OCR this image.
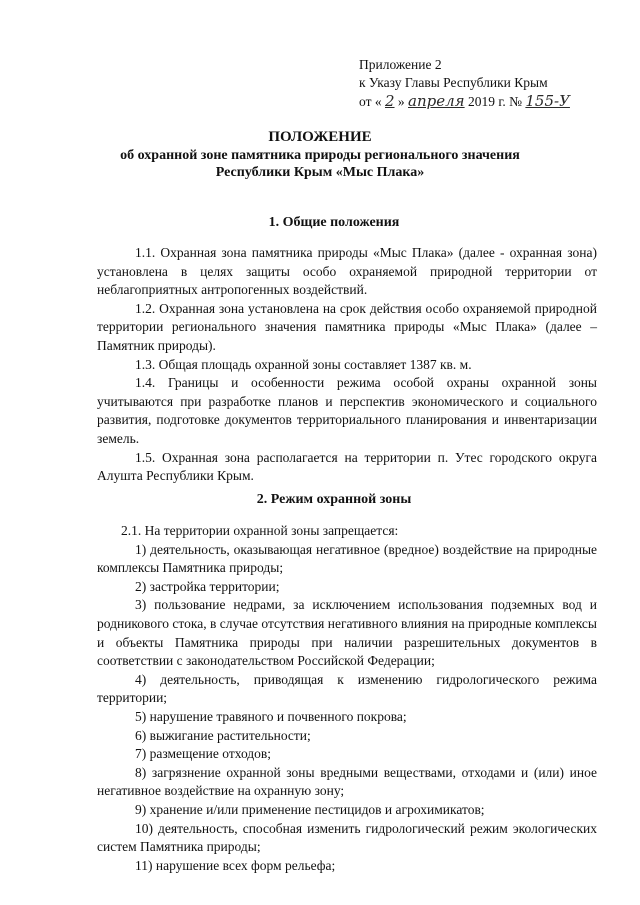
Приложение 2
к Указу Главы Республики Крым
от « 2 » апреля 2019 г. № 155-У
ПОЛОЖЕНИЕ
об охранной зоне памятника природы регионального значения
Республики Крым «Мыс Плака»
1. Общие положения

1.1. Охранная зона памятника природы «Мыс Плака» (далее - охранная зона) установлена в целях защиты особо охраняемой природной территории от неблагоприятных антропогенных воздействий.

1.2. Охранная зона установлена на срок действия особо охраняемой природной территории регионального значения памятника природы «Мыс Плака» (далее – Памятник природы).

1.3. Общая площадь охранной зоны составляет 1387 кв. м.

1.4. Границы и особенности режима особой охраны охранной зоны учитываются при разработке планов и перспектив экономического и социального развития, подготовке документов территориального планирования и инвентаризации земель.

1.5. Охранная зона располагается на территории п. Утес городского округа Алушта Республики Крым.

2. Режим охранной зоны

2.1. На территории охранной зоны запрещается:

1) деятельность, оказывающая негативное (вредное) воздействие на природные комплексы Памятника природы;

2) застройка территории;

3) пользование недрами, за исключением использования подземных вод и родникового стока, в случае отсутствия негативного влияния на природные комплексы и объекты Памятника природы при наличии разрешительных документов в соответствии с законодательством Российской Федерации;

4) деятельность, приводящая к изменению гидрологического режима территории;

5) нарушение травяного и почвенного покрова;

6) выжигание растительности;

7) размещение отходов;

8) загрязнение охранной зоны вредными веществами, отходами и (или) иное негативное воздействие на охранную зону;

9) хранение и/или применение пестицидов и агрохимикатов;

10) деятельность, способная изменить гидрологический режим экологических систем Памятника природы;

11) нарушение всех форм рельефа;
